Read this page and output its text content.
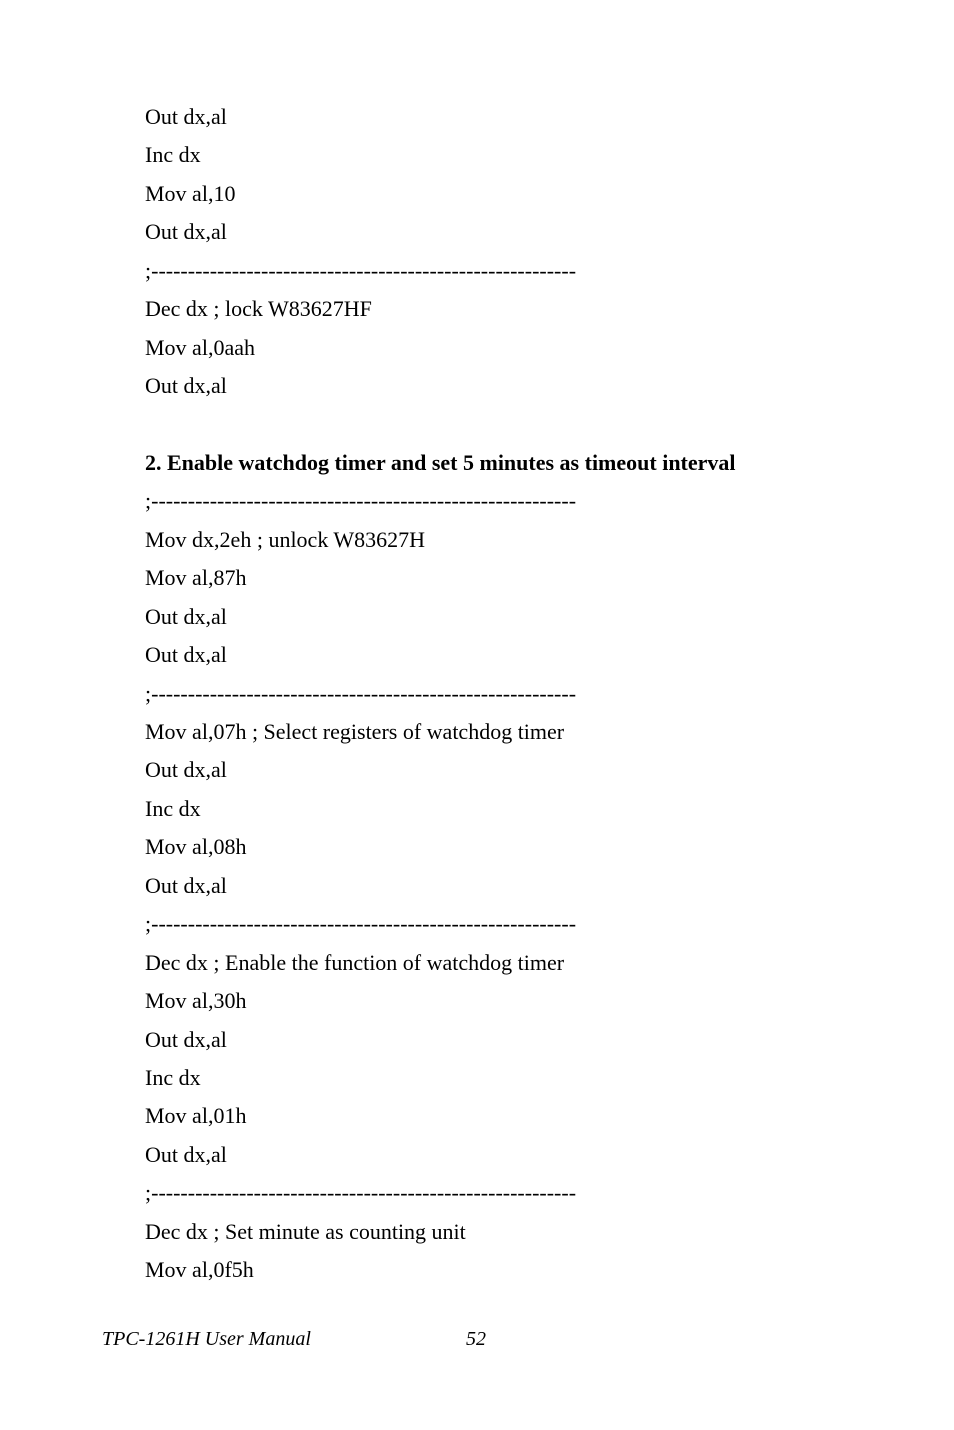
Out dx,al
Inc dx
Mov al,10
Out dx,al
;----------------------------------------------------------
Dec dx ; lock W83627HF
Mov al,0aah
Out dx,al
2. Enable watchdog timer and set 5 minutes as timeout interval
;----------------------------------------------------------
Mov dx,2eh ; unlock W83627H
Mov al,87h
Out dx,al
Out dx,al
;----------------------------------------------------------
Mov al,07h ; Select registers of watchdog timer
Out dx,al
Inc dx
Mov al,08h
Out dx,al
;----------------------------------------------------------
Dec dx ; Enable the function of watchdog timer
Mov al,30h
Out dx,al
Inc dx
Mov al,01h
Out dx,al
;----------------------------------------------------------
Dec dx ; Set minute as counting unit
Mov al,0f5h
TPC-1261H User Manual	52
